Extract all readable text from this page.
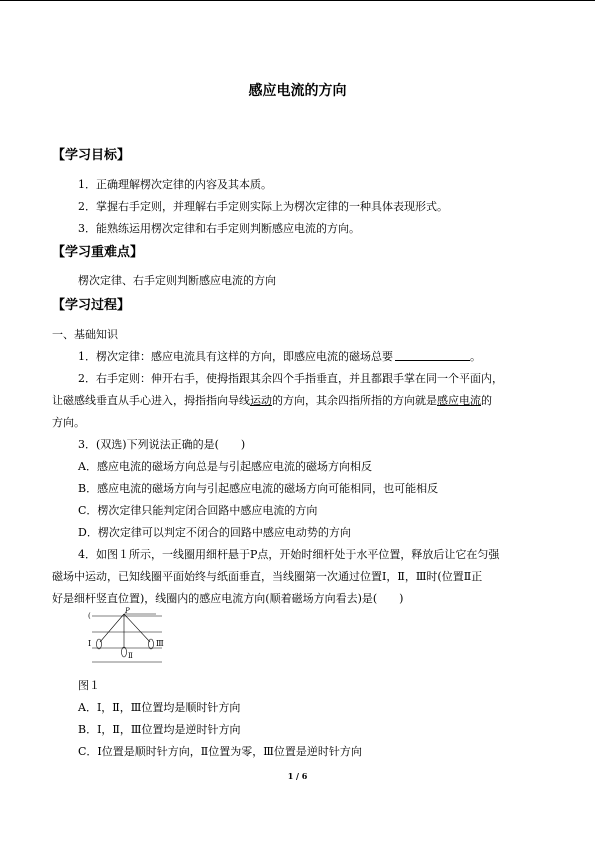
感应电流的方向
【学习目标】
1．正确理解楞次定律的内容及其本质。
2．掌握右手定则，并理解右手定则实际上为楞次定律的一种具体表现形式。
3．能熟练运用楞次定律和右手定则判断感应电流的方向。
【学习重难点】
楞次定律、右手定则判断感应电流的方向
【学习过程】
一、基础知识
1．楞次定律：感应电流具有这样的方向，即感应电流的磁场总要	。
2．右手定则：伸开右手，使拇指跟其余四个手指垂直，并且都跟手掌在同一个平面内，
让磁感线垂直从手心进入，拇指指向导线运动的方向，其余四指所指的方向就是感应电流的
方向。
3．(双选)下列说法正确的是(　　)
A．感应电流的磁场方向总是与引起感应电流的磁场方向相反
B．感应电流的磁场方向与引起感应电流的磁场方向可能相同，也可能相反
C．楞次定律只能判定闭合回路中感应电流的方向
D．楞次定律可以判定不闭合的回路中感应电动势的方向
4．如图１所示，一线圈用细杆悬于P点，开始时细杆处于水平位置，释放后让它在匀强
磁场中运动，已知线圈平面始终与纸面垂直，当线圈第一次通过位置Ⅰ，Ⅱ，Ⅲ时(位置Ⅱ正
好是细杆竖直位置)，线圈内的感应电流方向(顺着磁场方向看去)是(　　)
(
P
Ⅰ
Ⅱ
Ⅲ
图１
A．Ⅰ，Ⅱ，Ⅲ位置均是顺时针方向
B．Ⅰ，Ⅱ，Ⅲ位置均是逆时针方向
C．Ⅰ位置是顺时针方向，Ⅱ位置为零，Ⅲ位置是逆时针方向
1 / 6
